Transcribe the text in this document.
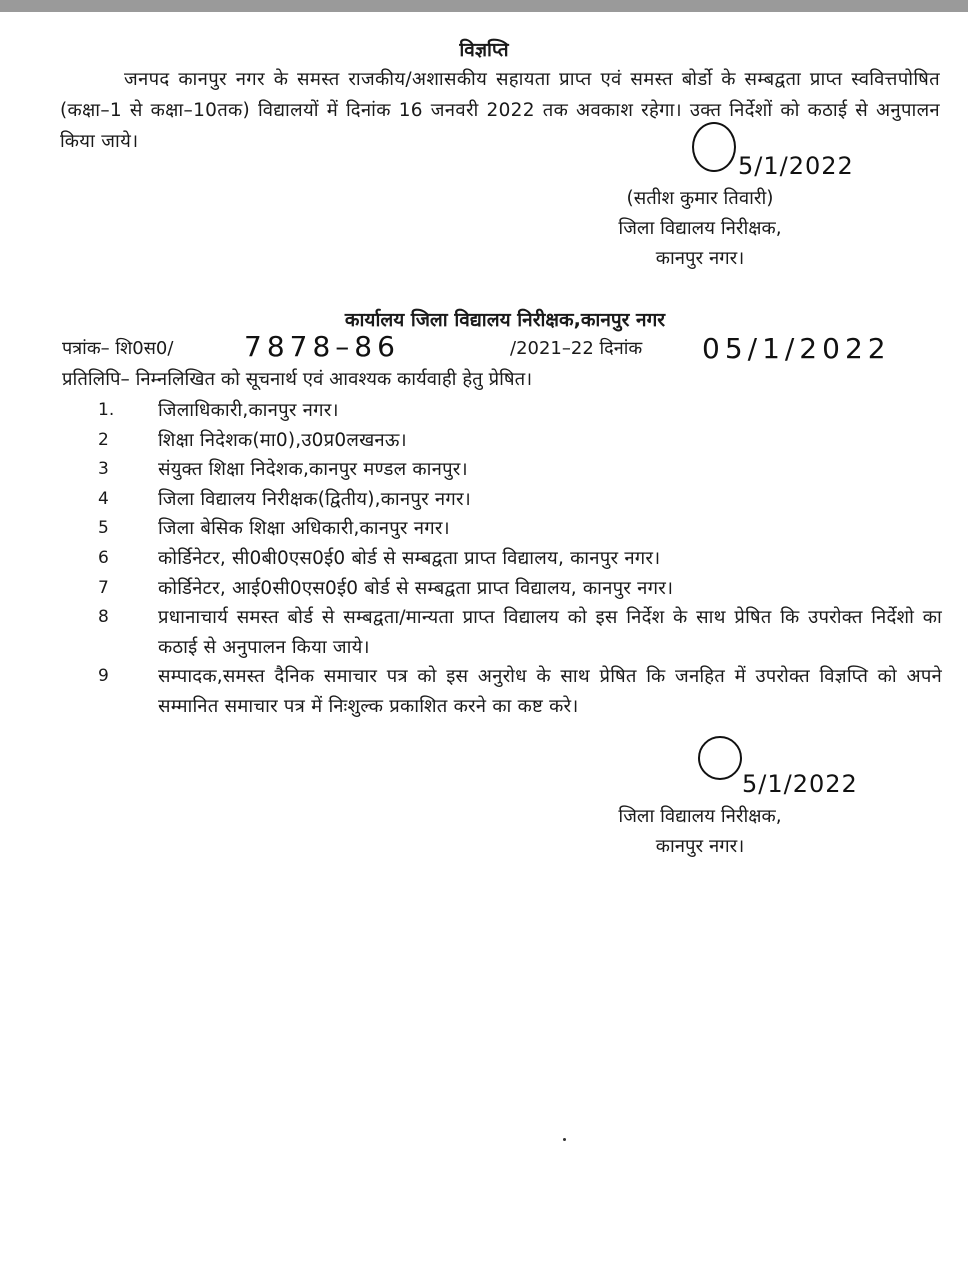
विज्ञप्ति
जनपद कानपुर नगर के समस्त राजकीय/अशासकीय सहायता प्राप्त एवं समस्त बोर्डो के सम्बद्वता प्राप्त स्ववित्तपोषित (कक्षा–1 से कक्षा–10तक) विद्यालयों में दिनांक 16 जनवरी 2022 तक अवकाश रहेगा। उक्त निर्देशों को कठाई से अनुपालन किया जाये।
5/1/2022
(सतीश कुमार तिवारी)
जिला विद्यालय निरीक्षक,
कानपुर नगर।
कार्यालय जिला विद्यालय निरीक्षक,कानपुर नगर
पत्रांक– शि0स0/	7878–86	/2021–22 दिनांक 05/1/2022
प्रतिलिपि– निम्नलिखित को सूचनार्थ एवं आवश्यक कार्यवाही हेतु प्रेषित।
1. जिलाधिकारी,कानपुर नगर।
2	शिक्षा निदेशक(मा0),उ0प्र0लखनऊ।
3	संयुक्त शिक्षा निदेशक,कानपुर मण्डल कानपुर।
4	जिला विद्यालय निरीक्षक(द्वितीय),कानपुर नगर।
5	जिला बेसिक शिक्षा अधिकारी,कानपुर नगर।
6	कोर्डिनेटर, सी0बी0एस0ई0 बोर्ड से सम्बद्वता प्राप्त विद्यालय, कानपुर नगर।
7	कोर्डिनेटर, आई0सी0एस0ई0 बोर्ड से सम्बद्वता प्राप्त विद्यालय, कानपुर नगर।
8	प्रधानाचार्य समस्त बोर्ड से सम्बद्वता/मान्यता प्राप्त विद्यालय को इस निर्देश के साथ प्रेषित कि उपरोक्त निर्देशो का कठाई से अनुपालन किया जाये।
9	सम्पादक,समस्त दैनिक समाचार पत्र को इस अनुरोध के साथ प्रेषित कि जनहित में उपरोक्त विज्ञप्ति को अपने सम्मानित समाचार पत्र में निःशुल्क प्रकाशित करने का कष्ट करे।
5/1/2022
जिला विद्यालय निरीक्षक,
कानपुर नगर।
